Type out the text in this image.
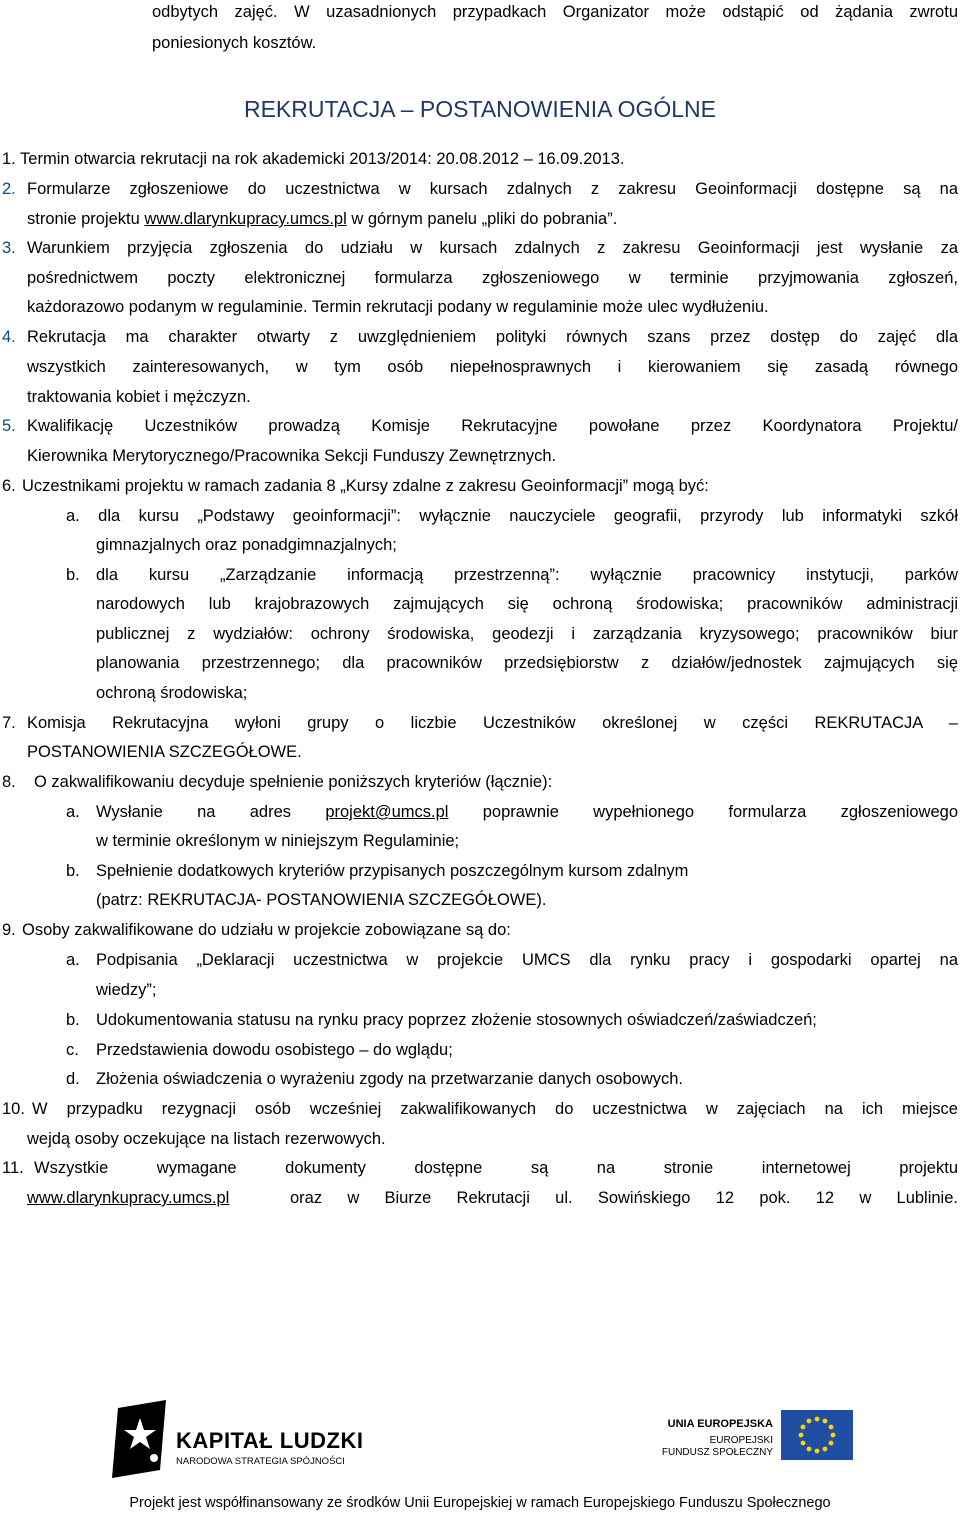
odbytych zajęć. W uzasadnionych przypadkach Organizator może odstąpić od żądania zwrotu
poniesionych kosztów.
REKRUTACJA – POSTANOWIENIA OGÓLNE
1. Termin otwarcia rekrutacji na rok akademicki 2013/2014: 20.08.2012 – 16.09.2013.
2. Formularze zgłoszeniowe do uczestnictwa w kursach zdalnych z zakresu Geoinformacji dostępne są na
stronie projektu www.dlarynkupracy.umcs.pl w górnym panelu „pliki do pobrania”.
3. Warunkiem przyjęcia zgłoszenia do udziału w kursach zdalnych z zakresu Geoinformacji jest wysłanie za
pośrednictwem poczty elektronicznej formularza zgłoszeniowego w terminie przyjmowania zgłoszeń,
każdorazowo podanym w regulaminie. Termin rekrutacji podany w regulaminie może ulec wydłużeniu.
4. Rekrutacja ma charakter otwarty z uwzględnieniem polityki równych szans przez dostęp do zajęć dla
wszystkich zainteresowanych, w tym osób niepełnosprawnych i kierowaniem się zasadą równego
traktowania kobiet i mężczyzn.
5. Kwalifikację Uczestników prowadzą Komisje Rekrutacyjne powołane przez Koordynatora Projektu/
Kierownika Merytorycznego/Pracownika Sekcji Funduszy Zewnętrznych.
6. Uczestnikami projektu w ramach zadania 8 „Kursy zdalne z zakresu Geoinformacji” mogą być:
a. dla kursu „Podstawy geoinformacji”: wyłącznie nauczyciele geografii, przyrody lub informatyki szkół
gimnazjalnych oraz ponadgimnazjalnych;
b. dla kursu „Zarządzanie informacją przestrzenną”: wyłącznie pracownicy instytucji, parków
narodowych lub krajobrazowych zajmujących się ochroną środowiska; pracowników administracji
publicznej z wydziałów: ochrony środowiska, geodezji i zarządzania kryzysowego; pracowników biur
planowania przestrzennego; dla pracowników przedsiębiorstw z działów/jednostek zajmujących się
ochroną środowiska;
7. Komisja Rekrutacyjna wyłoni grupy o liczbie Uczestników określonej w części REKRUTACJA –
POSTANOWIENIA SZCZEGÓŁOWE.
8. O zakwalifikowaniu decyduje spełnienie poniższych kryteriów (łącznie):
a. Wysłanie na adres projekt@umcs.pl poprawnie wypełnionego formularza zgłoszeniowego
w terminie określonym w niniejszym Regulaminie;
b. Spełnienie dodatkowych kryteriów przypisanych poszczególnym kursom zdalnym
(patrz: REKRUTACJA- POSTANOWIENIA SZCZEGÓŁOWE).
9. Osoby zakwalifikowane do udziału w projekcie zobowiązane są do:
a. Podpisania „Deklaracji uczestnictwa w projekcie UMCS dla rynku pracy i gospodarki opartej na
wiedzy”;
b. Udokumentowania statusu na rynku pracy poprzez złożenie stosownych oświadczeń/zaświadczeń;
c. Przedstawienia dowodu osobistego – do wglądu;
d. Złożenia oświadczenia o wyrażeniu zgody na przetwarzanie danych osobowych.
10. W przypadku rezygnacji osób wcześniej zakwalifikowanych do uczestnictwa w zajęciach na ich miejsce
wejdą osoby oczekujące na listach rezerwowych.
11. Wszystkie wymagane dokumenty dostępne są na stronie internetowej projektu
www.dlarynkupracy.umcs.pl	oraz w Biurze Rekrutacji ul. Sowińskiego 12 pok. 12 w Lublinie.
KAPITAŁ LUDZKI
NARODOWA STRATEGIA SPÓJNOŚCI
UNIA EUROPEJSKA
EUROPEJSKI
FUNDUSZ SPOŁECZNY
Projekt jest współfinansowany ze środków Unii Europejskiej w ramach Europejskiego Funduszu Społecznego
